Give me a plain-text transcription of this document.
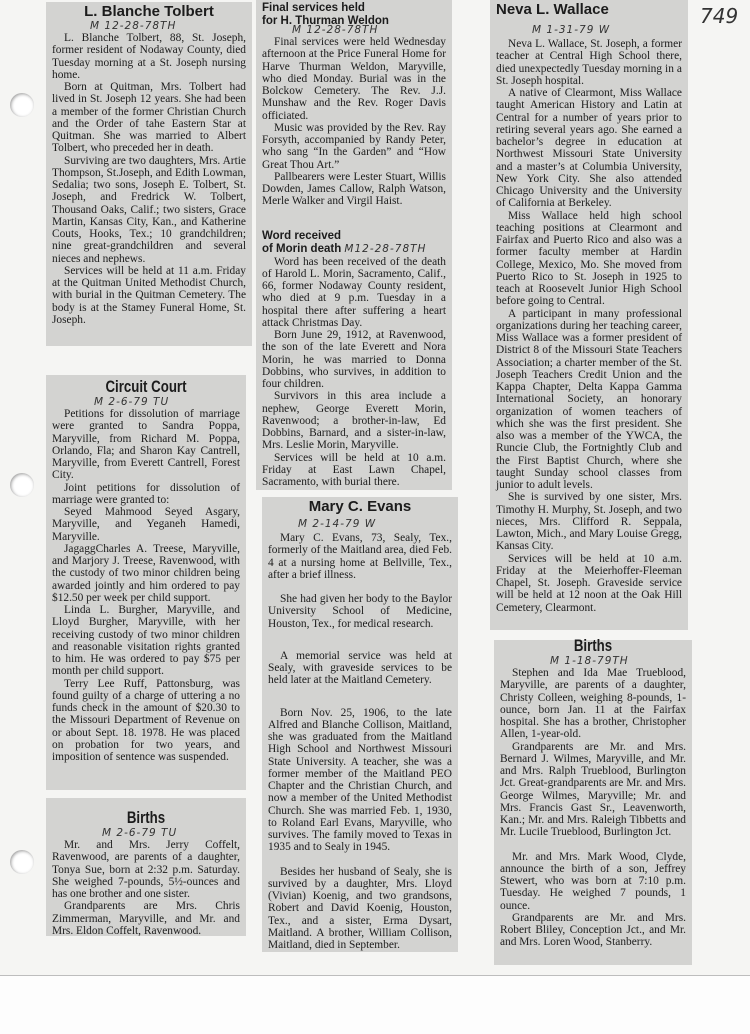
749
L. Blanche Tolbert
M 12-28-78TH

L. Blanche Tolbert, 88, St. Joseph, former resident of Nodaway County, died Tuesday morning at a St. Joseph nursing home.

Born at Quitman, Mrs. Tolbert had lived in St. Joseph 12 years. She had been a member of the former Christian Church and the Order of tahe Eastern Star at Quitman. She was married to Albert Tolbert, who preceded her in death.

Surviving are two daughters, Mrs. Artie Thompson, St.Joseph, and Edith Lowman, Sedalia; two sons, Joseph E. Tolbert, St. Joseph, and Fredrick W. Tolbert, Thousand Oaks, Calif.; two sisters, Grace Martin, Kansas City, Kan., and Katherine Couts, Hooks, Tex.; 10 grandchildren; nine great-grandchildren and several nieces and nephews.

Services will be held at 11 a.m. Friday at the Quitman United Methodist Church, with burial in the Quitman Cemetery. The body is at the Stamey Funeral Home, St. Joseph.

Final services held
for H. Thurman Weldon
M 12-28-78TH

Final services were held Wednesday afternoon at the Price Funeral Home for Harve Thurman Weldon, Maryville, who died Monday. Burial was in the Bolckow Cemetery. The Rev. J.J. Munshaw and the Rev. Roger Davis officiated.

Music was provided by the Rev. Ray Forsyth, accompanied by Randy Peter, who sang “In the Garden” and “How Great Thou Art.”

Pallbearers were Lester Stuart, Willis Dowden, James Callow, Ralph Watson, Merle Walker and Virgil Haist.

Word received
of Morin death M12-28-78TH

Word has been received of the death of Harold L. Morin, Sacramento, Calif., 66, former Nodaway County resident, who died at 9 p.m. Tuesday in a hospital there after suffering a heart attack Christmas Day.

Born June 29, 1912, at Ravenwood, the son of the late Everett and Nora Morin, he was married to Donna Dobbins, who survives, in addition to four children.

Survivors in this area include a nephew, George Everett Morin, Ravenwood; a brother-in-law, Ed Dobbins, Barnard, and a sister-in-law, Mrs. Leslie Morin, Maryville.

Services will be held at 10 a.m. Friday at East Lawn Chapel, Sacramento, with burial there.

Neva L. Wallace
M 1-31-79 W

Neva L. Wallace, St. Joseph, a former teacher at Central High School there, died unexpectedly Tuesday morning in a St. Joseph hospital.

A native of Clearmont, Miss Wallace taught American History and Latin at Central for a number of years prior to retiring several years ago. She earned a bachelor’s degree in education at Northwest Missouri State University and a master’s at Columbia University, New York City. She also attended Chicago University and the University of California at Berkeley.

Miss Wallace held high school teaching positions at Clearmont and Fairfax and Puerto Rico and also was a former faculty member at Hardin College, Mexico, Mo. She moved from Puerto Rico to St. Joseph in 1925 to teach at Roosevelt Junior High School before going to Central.

A participant in many professional organizations during her teaching career, Miss Wallace was a former president of District 8 of the Missouri State Teachers Association; a charter member of the St. Joseph Teachers Credit Union and the Kappa Chapter, Delta Kappa Gamma International Society, an honorary organization of women teachers of which she was the first president. She also was a member of the YWCA, the Runcie Club, the Fortnightly Club and the First Baptist Church, where she taught Sunday school classes from junior to adult levels.

She is survived by one sister, Mrs. Timothy H. Murphy, St. Joseph, and two nieces, Mrs. Clifford R. Seppala, Lawton, Mich., and Mary Louise Gregg, Kansas City.

Services will be held at 10 a.m. Friday at the Meierhoffer-Fleeman Chapel, St. Joseph. Graveside service will be held at 12 noon at the Oak Hill Cemetery, Clearmont.

Circuit Court
M 2-6-79 TU

Petitions for dissolution of marriage were granted to Sandra Poppa, Maryville, from Richard M. Poppa, Orlando, Fla; and Sharon Kay Cantrell, Maryville, from Everett Cantrell, Forest City.

Joint petitions for dissolution of marriage were granted to:

Seyed Mahmood Seyed Asgary, Maryville, and Yeganeh Hamedi, Maryville.

JagaggCharles A. Treese, Maryville, and Marjory J. Treese, Ravenwood, with the custody of two minor children being awarded jointly and him ordered to pay $12.50 per week per child support.

Linda L. Burgher, Maryville, and Lloyd Burgher, Maryville, with her receiving custody of two minor children and reasonable visitation rights granted to him. He was ordered to pay $75 per month per child support.

Terry Lee Ruff, Pattonsburg, was found guilty of a charge of uttering a no funds check in the amount of $20.30 to the Missouri Department of Revenue on or about Sept. 18. 1978. He was placed on probation for two years, and imposition of sentence was suspended.

Births
M 2-6-79 TU

Mr. and Mrs. Jerry Coffelt, Ravenwood, are parents of a daughter, Tonya Sue, born at 2:32 p.m. Saturday. She weighed 7-pounds, 5½-ounces and has one brother and one sister.

Grandparents are Mrs. Chris Zimmerman, Maryville, and Mr. and Mrs. Eldon Coffelt, Ravenwood.

Mary C. Evans
M 2-14-79 W

Mary C. Evans, 73, Sealy, Tex., formerly of the Maitland area, died Feb. 4 at a nursing home at Bellville, Tex., after a brief illness.

She had given her body to the Baylor University School of Medicine, Houston, Tex., for medical research.

A memorial service was held at Sealy, with graveside services to be held later at the Maitland Cemetery.

Born Nov. 25, 1906, to the late Alfred and Blanche Collison, Maitland, she was graduated from the Maitland High School and Northwest Missouri State University. A teacher, she was a former member of the Maitland PEO Chapter and the Christian Church, and now a member of the United Methodist Church. She was married Feb. 1, 1930, to Roland Earl Evans, Maryville, who survives. The family moved to Texas in 1935 and to Sealy in 1945.

Besides her husband of Sealy, she is survived by a daughter, Mrs. Lloyd (Vivian) Koenig, and two grandsons, Robert and David Koenig, Houston, Tex., and a sister, Erma Dysart, Maitland. A brother, William Collison, Maitland, died in September.

Births
M 1-18-79TH

Stephen and Ida Mae Trueblood, Maryville, are parents of a daughter, Christy Colleen, weighing 8-pounds, 1-ounce, born Jan. 11 at the Fairfax hospital. She has a brother, Christopher Allen, 1-year-old.

Grandparents are Mr. and Mrs. Bernard J. Wilmes, Maryville, and Mr. and Mrs. Ralph Trueblood, Burlington Jct. Great-grandparents are Mr. and Mrs. George Wilmes, Maryville; Mr. and Mrs. Francis Gast Sr., Leavenworth, Kan.; Mr. and Mrs. Raleigh Tibbetts and Mr. Lucile Trueblood, Burlington Jct.

Mr. and Mrs. Mark Wood, Clyde, announce the birth of a son, Jeffrey Stewert, who was born at 7:10 p.m. Tuesday. He weighed 7 pounds, 1 ounce.

Grandparents are Mr. and Mrs. Robert Bliley, Conception Jct., and Mr. and Mrs. Loren Wood, Stanberry.
